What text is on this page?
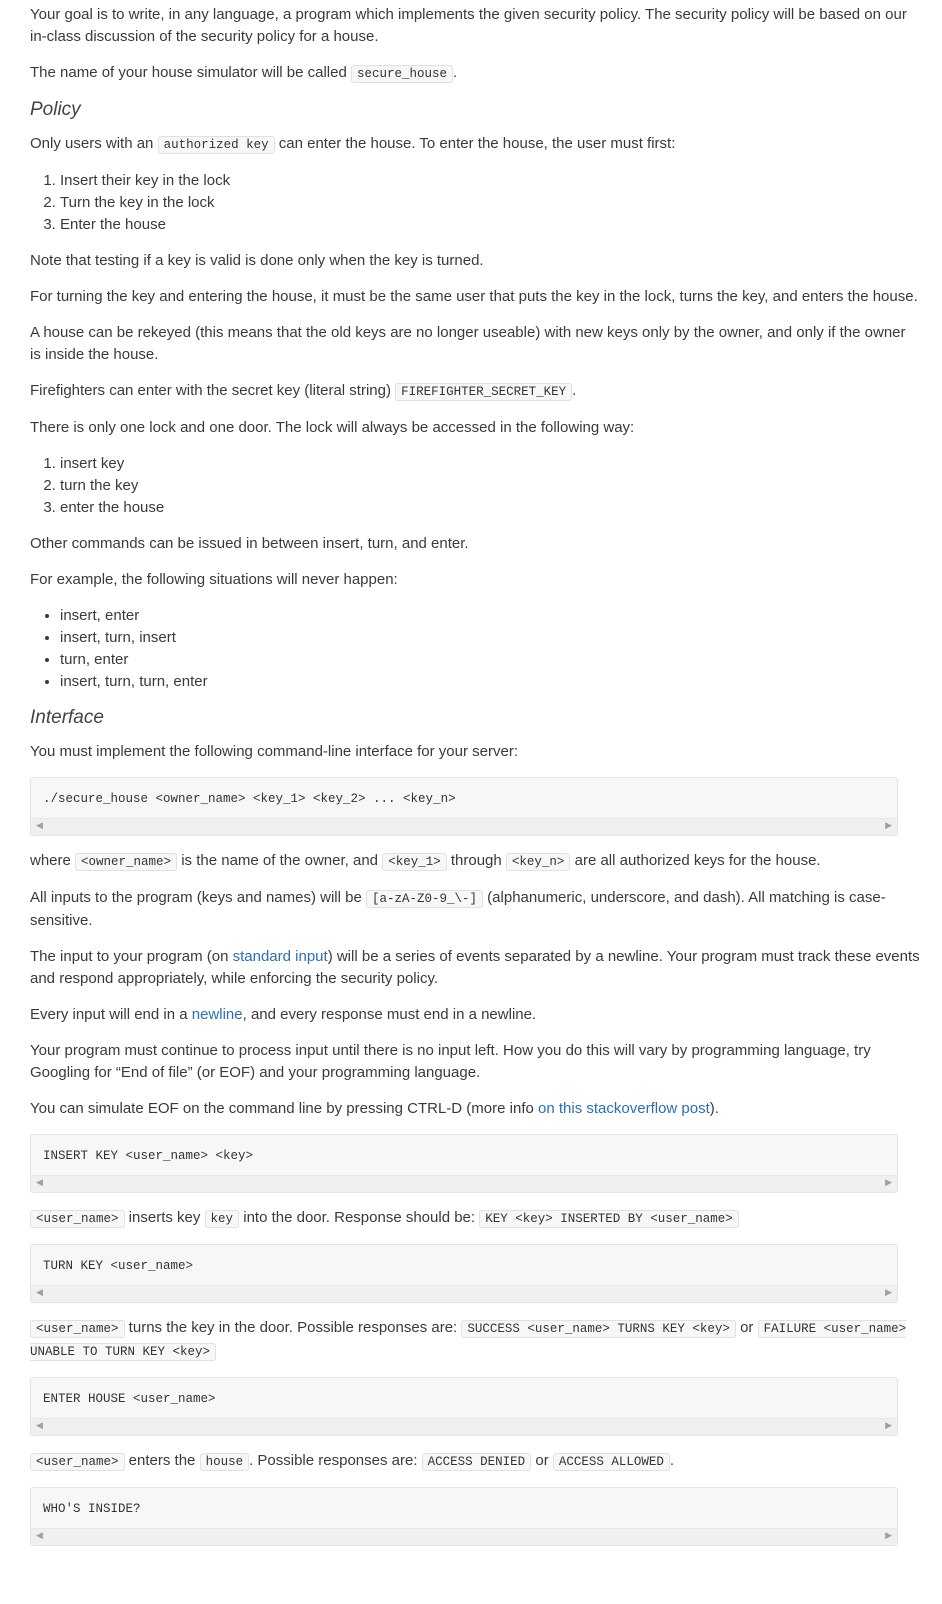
Your goal is to write, in any language, a program which implements the given security policy. The security policy will be based on our in-class discussion of the security policy for a house.

The name of your house simulator will be called secure_house .

Policy

Only users with an authorized key can enter the house. To enter the house, the user must first:

1. Insert their key in the lock
2. Turn the key in the lock
3. Enter the house

Note that testing if a key is valid is done only when the key is turned.

For turning the key and entering the house, it must be the same user that puts the key in the lock, turns the key, and enters the house.

A house can be rekeyed (this means that the old keys are no longer useable) with new keys only by the owner, and only if the owner is inside the house.

Firefighters can enter with the secret key (literal string) FIREFIGHTER_SECRET_KEY .

There is only one lock and one door. The lock will always be accessed in the following way:

1. insert key
2. turn the key
3. enter the house

Other commands can be issued in between insert, turn, and enter.

For example, the following situations will never happen:

• insert, enter
• insert, turn, insert
• turn, enter
• insert, turn, turn, enter
Interface

You must implement the following command-line interface for your server:

./secure_house <owner_name> <key_1> <key_2> ... <key_n>
◀	▶

where <owner_name> is the name of the owner, and <key_1> through <key_n> are all authorized keys for the house.

All inputs to the program (keys and names) will be [a-zA-Z0-9_\-] (alphanumeric, underscore, and dash). All matching is case-sensitive.

The input to your program (on standard input) will be a series of events separated by a newline. Your program must track these events and respond appropriately, while enforcing the security policy.

Every input will end in a newline, and every response must end in a newline.

Your program must continue to process input until there is no input left. How you do this will vary by programming language, try Googling for “End of file” (or EOF) and your programming language.

You can simulate EOF on the command line by pressing CTRL-D (more info on this stackoverflow post).

INSERT KEY <user_name> <key>
◀	▶

<user_name> inserts key key into the door. Response should be: KEY <key> INSERTED BY <user_name>

TURN KEY <user_name>
◀	▶

<user_name> turns the key in the door. Possible responses are: SUCCESS <user_name> TURNS KEY <key> or FAILURE <user_name> UNABLE TO TURN KEY <key>

ENTER HOUSE <user_name>
◀	▶

<user_name> enters the house . Possible responses are: ACCESS DENIED or ACCESS ALLOWED .

WHO'S INSIDE?
◀	▶
